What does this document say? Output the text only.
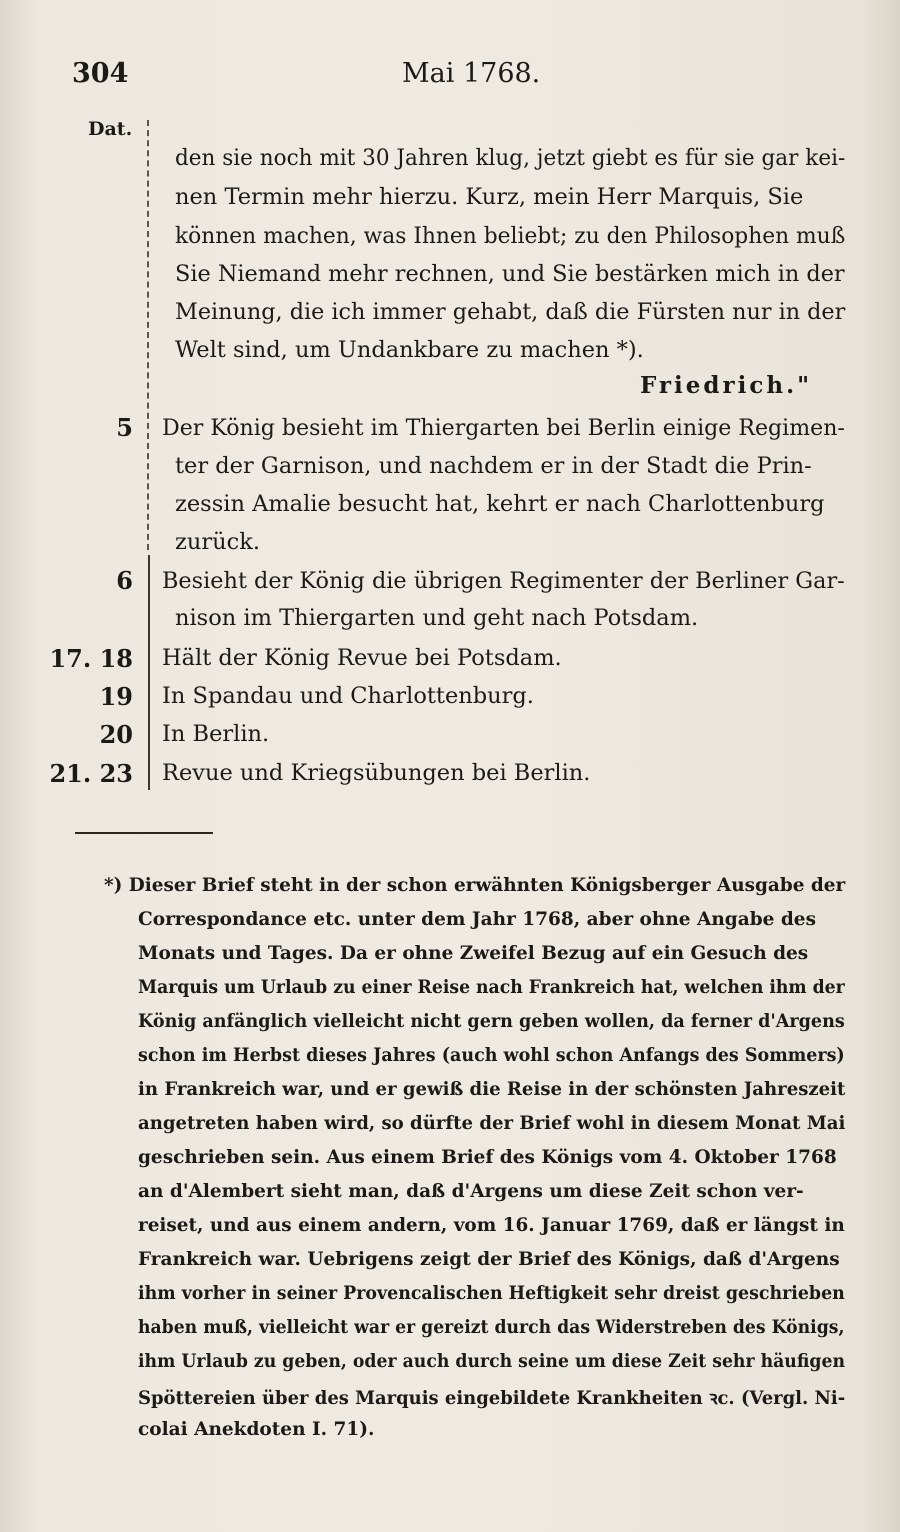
304	Mai 1768.
Dat.
den sie noch mit 30 Jahren klug, jetzt giebt es für sie gar kei-
nen Termin mehr hierzu. Kurz, mein Herr Marquis, Sie
können machen, was Ihnen beliebt; zu den Philosophen muß
Sie Niemand mehr rechnen, und Sie bestärken mich in der
Meinung, die ich immer gehabt, daß die Fürsten nur in der
Welt sind, um Undankbare zu machen *).
Friedrich."
5 Der König besieht im Thiergarten bei Berlin einige Regimen-
ter der Garnison, und nachdem er in der Stadt die Prin-
zessin Amalie besucht hat, kehrt er nach Charlottenburg
zurück.
6 Besieht der König die übrigen Regimenter der Berliner Gar-
nison im Thiergarten und geht nach Potsdam.
17. 18 Hält der König Revue bei Potsdam.
19 In Spandau und Charlottenburg.
20 In Berlin.
21. 23 Revue und Kriegsübungen bei Berlin.
*) Dieser Brief steht in der schon erwähnten Königsberger Ausgabe der
Correspondance etc. unter dem Jahr 1768, aber ohne Angabe des
Monats und Tages. Da er ohne Zweifel Bezug auf ein Gesuch des
Marquis um Urlaub zu einer Reise nach Frankreich hat, welchen ihm der
König anfänglich vielleicht nicht gern geben wollen, da ferner d'Argens
schon im Herbst dieses Jahres (auch wohl schon Anfangs des Sommers)
in Frankreich war, und er gewiß die Reise in der schönsten Jahreszeit
angetreten haben wird, so dürfte der Brief wohl in diesem Monat Mai
geschrieben sein. Aus einem Brief des Königs vom 4. Oktober 1768
an d'Alembert sieht man, daß d'Argens um diese Zeit schon ver-
reiset, und aus einem andern, vom 16. Januar 1769, daß er längst in
Frankreich war. Uebrigens zeigt der Brief des Königs, daß d'Argens
ihm vorher in seiner Provencalischen Heftigkeit sehr dreist geschrieben
haben muß, vielleicht war er gereizt durch das Widerstreben des Königs,
ihm Urlaub zu geben, oder auch durch seine um diese Zeit sehr häufigen
Spöttereien über des Marquis eingebildete Krankheiten ꝛc. (Vergl. Ni-
colai Anekdoten I. 71).
